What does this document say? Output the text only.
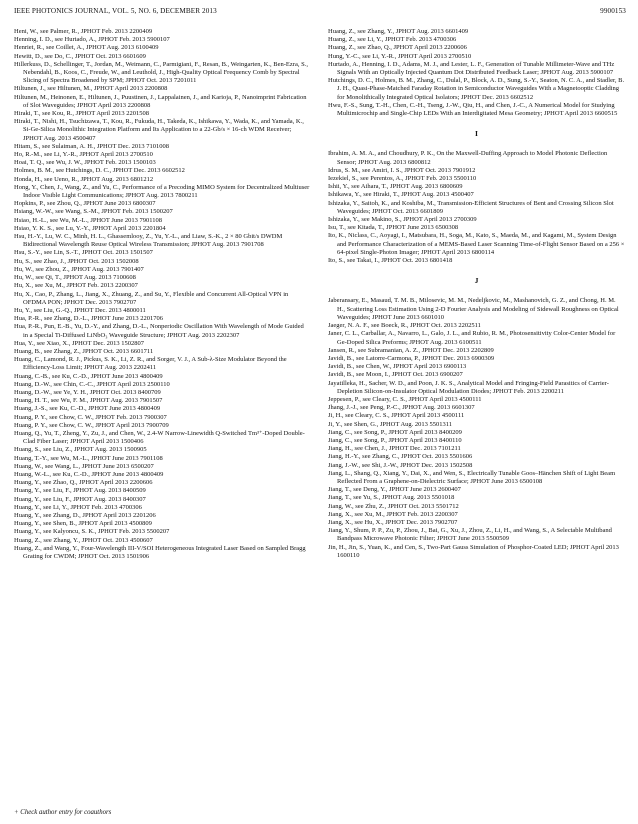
IEEE PHOTONICS JOURNAL, VOL. 5, NO. 6, DECEMBER 2013	9900153
Heni, W., see Palmer, R., JPHOT Feb. 2013 2200409
Henning, I. D., see Hurtado, A., JPHOT Feb. 2013 5900107
Henriet, R., see Coillet, A., JPHOT Aug. 2013 6100409
Hewitt, D., see Do, C., JPHOT Oct. 2013 6601609
Hillerkuss, D., Schellinger, T., Jordan, M., Weimann, C., Parmigiani, F., Resan, B., Weingarten, K., Ben-Ezra, S., Nebendahl, B., Koos, C., Freude, W., and Leuthold, J., High-Quality Optical Frequency Comb by Spectral Slicing of Spectra Broadened by SPM; JPHOT Oct. 2013 7201011
Hiltunen, J., see Hiltunen, M., JPHOT April 2013 2200808
Hiltunen, M., Heinonen, E., Hiltunen, J., Puustinen, J., Lappalainen, J., and Karioja, P., Nanoimprint Fabrication of Slot Waveguides; JPHOT April 2013 2200808
Hiraki, T., see Kou, R., JPHOT April 2013 2201508
Hiraki, T., Nishi, H., Tsuchizawa, T., Kou, R., Fukuda, H., Takeda, K., Ishikawa, Y., Wada, K., and Yamada, K., Si-Ge-Silica Monolithic Integration Platform and Its Application to a 22-Gb/s × 16-ch WDM Receiver; JPHOT Aug. 2013 4500407
Hitam, S., see Sulaiman, A. H., JPHOT Dec. 2013 7101008
Ho, R.-M., see Li, Y.-R., JPHOT April 2013 2700510
Hoai, T. Q., see Wu, J. W., JPHOT Feb. 2013 1500103
Holmes, B. M., see Hutchings, D. C., JPHOT Dec. 2013 6602512
Honda, H., see Ueno, R., JPHOT Aug. 2013 6801212
Hong, Y., Chen, J., Wang, Z., and Yu, C., Performance of a Precoding MIMO System for Decentralized Multiuser Indoor Visible Light Communications; JPHOT Aug. 2013 7800211
Hopkins, P., see Zhou, Q., JPHOT June 2013 6800307
Hsiang, W.-W., see Wang, S.-M., JPHOT Feb. 2013 1500207
Hsiao, H.-L., see Wu, M.-L., JPHOT June 2013 7901108
Hsiao, Y. K. S., see Lu, Y.-Y., JPHOT April 2013 2201804
Hsu, H.-Y., Lu, W. C., Minh, H. L., Ghassemlooy, Z., Yu, Y.-L., and Liaw, S.-K., 2 × 80 Gbit/s DWDM Bidirectional Wavelength Reuse Optical Wireless Transmission; JPHOT Aug. 2013 7901708
Hsu, S.-Y., see Lin, S.-T., JPHOT Oct. 2013 1501507
Hu, S., see Zhao, J., JPHOT Oct. 2013 1502008
Hu, W., see Zhou, Z., JPHOT Aug. 2013 7901407
Hu, W., see Qi, T., JPHOT Aug. 2013 7100608
Hu, X., see Xu, M., JPHOT Feb. 2013 2200307
Hu, X., Cao, P., Zhang, L., Jiang, X., Zhuang, Z., and Su, Y., Flexible and Concurrent All-Optical VPN in OFDMA PON; JPHOT Dec. 2013 7902707
Hu, Y., see Liu, G.-Q., JPHOT Dec. 2013 4800011
Hua, P.-R., see Zhang, D.-L., JPHOT June 2013 2201706
Hua, P.-R., Pun, E.-B., Yu, D.-Y., and Zhang, D.-L., Nonperiodic Oscillation With Wavelength of Mode Guided in a Special Ti-Diffused LiNbO₃ Waveguide Structure; JPHOT Aug. 2013 2202307
Hua, Y., see Xiao, X., JPHOT Dec. 2013 1502807
Huang, B., see Zhang, Z., JPHOT Oct. 2013 6601711
Huang, C., Lamond, R. J., Pickus, S. K., Li, Z. R., and Sorger, V. J., A Sub-λ-Size Modulator Beyond the Efficiency-Loss Limit; JPHOT Aug. 2013 2202411
Huang, C.-B., see Ku, C.-D., JPHOT June 2013 4800409
Huang, D.-W., see Chin, C.-C., JPHOT April 2013 2500110
Huang, D.-W., see Ye, Y. H., JPHOT Oct. 2013 8400709
Huang, H. T., see Wu, F. M., JPHOT Aug. 2013 7901507
Huang, J.-S., see Ku, C.-D., JPHOT June 2013 4800409
Huang, P. Y., see Chow, C. W., JPHOT Feb. 2013 7900307
Huang, P. Y., see Chow, C. W., JPHOT April 2013 7900709
Huang, Q., Yu, T., Zheng, Y., Zu, J., and Chen, W., 2.4-W Narrow-Linewidth Q-Switched Tm³⁺-Doped Double-Clad Fiber Laser; JPHOT April 2013 1500406
Huang, S., see Liu, Z., JPHOT Aug. 2013 1500905
Huang, T.-Y., see Wu, M.-L., JPHOT June 2013 7901108
Huang, W., see Wang, L., JPHOT June 2013 6500207
Huang, W.-L., see Ku, C.-D., JPHOT June 2013 4800409
Huang, Y., see Zhao, Q., JPHOT April 2013 2200606
Huang, Y., see Liu, F., JPHOT Aug. 2013 8400509
Huang, Y., see Liu, F., JPHOT Aug. 2013 8400307
Huang, Y., see Li, Y., JPHOT Feb. 2013 4700306
Huang, Y., see Zhang, D., JPHOT April 2013 2201206
Huang, Y., see Shen, B., JPHOT April 2013 4500809
Huang, Y., see Kalyoncu, S. K., JPHOT Feb. 2013 5500207
Huang, Z., see Zhang, Y., JPHOT Oct. 2013 4500607
Huang, Z., and Wang, Y., Four-Wavelength III-V/SOI Heterogeneous Integrated Laser Based on Sampled Bragg Grating for CWDM; JPHOT Oct. 2013 1501906
Huang, Z., see Zhang, Y., JPHOT Aug. 2013 6601409
Huang, Z., see Li, Y., JPHOT Feb. 2013 4700306
Huang, Z., see Zhao, Q., JPHOT April 2013 2200606
Hung, Y.-C., see Li, Y.-R., JPHOT April 2013 2700510
Hurtado, A., Henning, I. D., Adams, M. J., and Lester, L. F., Generation of Tunable Millimeter-Wave and THz Signals With an Optically Injected Quantum Dot Distributed Feedback Laser; JPHOT Aug. 2013 5900107
Hutchings, D. C., Holmes, B. M., Zhang, C., Dulal, P., Block, A. D., Sung, S.-Y., Seaton, N. C. A., and Stadler, B. J. H., Quasi-Phase-Matched Faraday Rotation in Semiconductor Waveguides With a Magnetooptic Cladding for Monolithically Integrated Optical Isolators; JPHOT Dec. 2013 6602512
Hwu, F.-S., Sung, T.-H., Chen, C.-H., Tseng, J.-W., Qiu, H., and Chen, J.-C., A Numerical Model for Studying Multimicrochip and Single-Chip LEDs With an Interdigitated Mesa Geometry; JPHOT April 2013 6600515
I
Ibrahim, A. M. A., and Choudhury, P. K., On the Maxwell-Duffing Approach to Model Photonic Deflection Sensor; JPHOT Aug. 2013 6800812
Idrus, S. M., see Amiri, I. S., JPHOT Oct. 2013 7901912
Iezekiel, S., see Perentos, A., JPHOT Feb. 2013 5500110
Ishii, Y., see Aihara, T., JPHOT Aug. 2013 6800609
Ishikawa, Y., see Hiraki, T., JPHOT Aug. 2013 4500407
Ishizaka, Y., Saitoh, K., and Koshiba, M., Transmission-Efficient Structures of Bent and Crossing Silicon Slot Waveguides; JPHOT Oct. 2013 6601809
Ishizaka, Y., see Makino, S., JPHOT April 2013 2700309
Isu, T., see Kitada, T., JPHOT June 2013 6500308
Ito, K., Niclass, C., Aoyagi, I., Matsubara, H., Soga, M., Kato, S., Maeda, M., and Kagami, M., System Design and Performance Characterization of a MEMS-Based Laser Scanning Time-of-Flight Sensor Based on a 256 × 64-pixel Single-Photon Imager; JPHOT April 2013 6800114
Ito, S., see Takai, I., JPHOT Oct. 2013 6801418
J
Jaberansary, E., Masaud, T. M. B., Milosevic, M. M., Nedeljkovic, M., Mashanovich, G. Z., and Chong, H. M. H., Scattering Loss Estimation Using 2-D Fourier Analysis and Modeling of Sidewall Roughness on Optical Waveguides; JPHOT June 2013 6601010
Jaeger, N. A. F., see Boeck, R., JPHOT Oct. 2013 2202511
Janer, C. L., Carballar, A., Navarro, L., Galo, J. L., and Rubio, R. M., Photosensitivity Color-Center Model for Ge-Doped Silica Preforms; JPHOT Aug. 2013 6100511
Jansen, R., see Subramanian, A. Z., JPHOT Dec. 2013 2202809
Javidi, B., see Latorre-Carmona, P., JPHOT Dec. 2013 6900309
Javidi, B., see Chen, W., JPHOT April 2013 6900113
Javidi, B., see Moon, I., JPHOT Oct. 2013 6900207
Jayatilleka, H., Sacher, W. D., and Poon, J. K. S., Analytical Model and Fringing-Field Parasitics of Carrier-Depletion Silicon-on-Insulator Optical Modulation Diodes; JPHOT Feb. 2013 2200211
Jeppesen, P., see Cleary, C. S., JPHOT April 2013 4500111
Jhang, J.-J., see Peng, P.-C., JPHOT Aug. 2013 6601307
Ji, H., see Cleary, C. S., JPHOT April 2013 4500111
Ji, Y., see Shen, G., JPHOT Aug. 2013 5501311
Jiang, C., see Song, P., JPHOT April 2013 8400209
Jiang, C., see Song, P., JPHOT April 2013 8400110
Jiang, H., see Chen, J., JPHOT Dec. 2013 7101211
Jiang, H.-Y., see Zhang, C., JPHOT Oct. 2013 5501606
Jiang, J.-W., see Shi, J.-W., JPHOT Dec. 2013 1502508
Jiang, L., Shang, Q., Xiang, Y., Dai, X., and Wen, S., Electrically Tunable Goos–Hänchen Shift of Light Beam Reflected From a Graphene-on-Dielectric Surface; JPHOT June 2013 6500108
Jiang, T., see Deng, Y., JPHOT June 2013 2600407
Jiang, T., see Yu, S., JPHOT Aug. 2013 5501018
Jiang, W., see Zhu, Z., JPHOT Oct. 2013 5501712
Jiang, X., see Xu, M., JPHOT Feb. 2013 2200307
Jiang, X., see Hu, X., JPHOT Dec. 2013 7902707
Jiang, Y., Shum, P. P., Zu, P., Zhou, J., Bai, G., Xu, J., Zhou, Z., Li, H., and Wang, S., A Selectable Multiband Bandpass Microwave Photonic Filter; JPHOT June 2013 5500509
Jin, H., Jin, S., Yuan, K., and Cen, S., Two-Part Gauss Simulation of Phosphor-Coated LED; JPHOT April 2013 1600110
+ Check author entry for coauthors
